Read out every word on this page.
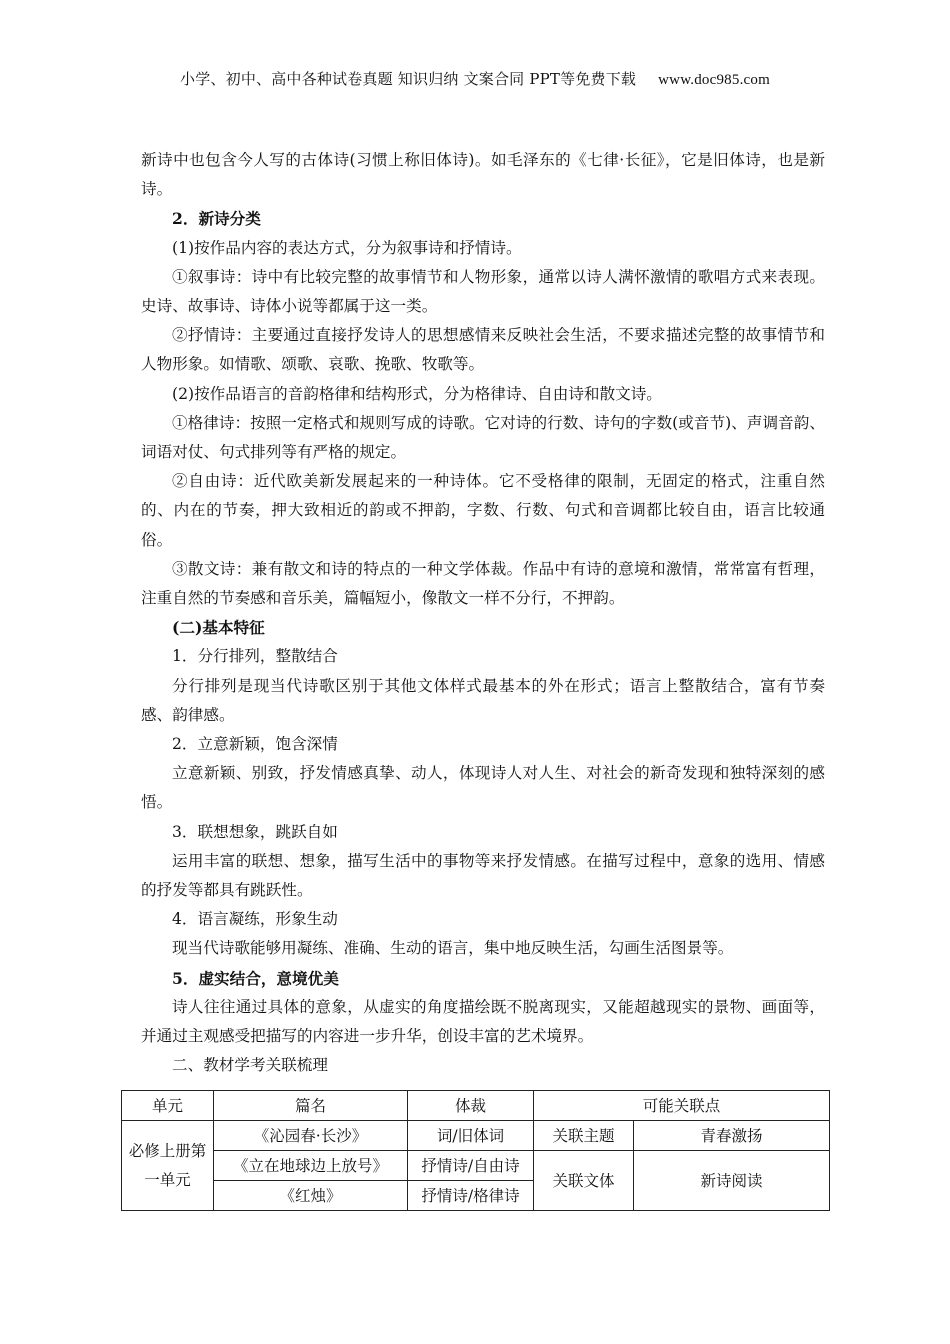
小学、初中、高中各种试卷真题 知识归纳 文案合同 PPT等免费下载 www.doc985.com

新诗中也包含今人写的古体诗(习惯上称旧体诗)。如毛泽东的《七律·长征》，它是旧体诗，也是新诗。

2．新诗分类

(1)按作品内容的表达方式，分为叙事诗和抒情诗。

①叙事诗：诗中有比较完整的故事情节和人物形象，通常以诗人满怀激情的歌唱方式来表现。史诗、故事诗、诗体小说等都属于这一类。

②抒情诗：主要通过直接抒发诗人的思想感情来反映社会生活，不要求描述完整的故事情节和人物形象。如情歌、颂歌、哀歌、挽歌、牧歌等。

(2)按作品语言的音韵格律和结构形式，分为格律诗、自由诗和散文诗。

①格律诗：按照一定格式和规则写成的诗歌。它对诗的行数、诗句的字数(或音节)、声调音韵、词语对仗、句式排列等有严格的规定。

②自由诗：近代欧美新发展起来的一种诗体。它不受格律的限制，无固定的格式，注重自然的、内在的节奏，押大致相近的韵或不押韵，字数、行数、句式和音调都比较自由，语言比较通俗。

③散文诗：兼有散文和诗的特点的一种文学体裁。作品中有诗的意境和激情，常常富有哲理，注重自然的节奏感和音乐美，篇幅短小，像散文一样不分行，不押韵。

(二)基本特征

1．分行排列，整散结合

分行排列是现当代诗歌区别于其他文体样式最基本的外在形式；语言上整散结合，富有节奏感、韵律感。

2．立意新颖，饱含深情

立意新颖、别致，抒发情感真挚、动人，体现诗人对人生、对社会的新奇发现和独特深刻的感悟。

3．联想想象，跳跃自如

运用丰富的联想、想象，描写生活中的事物等来抒发情感。在描写过程中，意象的选用、情感的抒发等都具有跳跃性。

4．语言凝练，形象生动

现当代诗歌能够用凝练、准确、生动的语言，集中地反映生活，勾画生活图景等。

5．虚实结合，意境优美

诗人往往通过具体的意象，从虚实的角度描绘既不脱离现实，又能超越现实的景物、画面等，并通过主观感受把描写的内容进一步升华，创设丰富的艺术境界。

二、教材学考关联梳理

单元	篇名	体裁	可能关联点	
必修上册第一单元	《沁园春·长沙》	词/旧体词	关联主题	青春激扬
	《立在地球边上放号》	抒情诗/自由诗	关联文体	新诗阅读
	《红烛》	抒情诗/格律诗		
